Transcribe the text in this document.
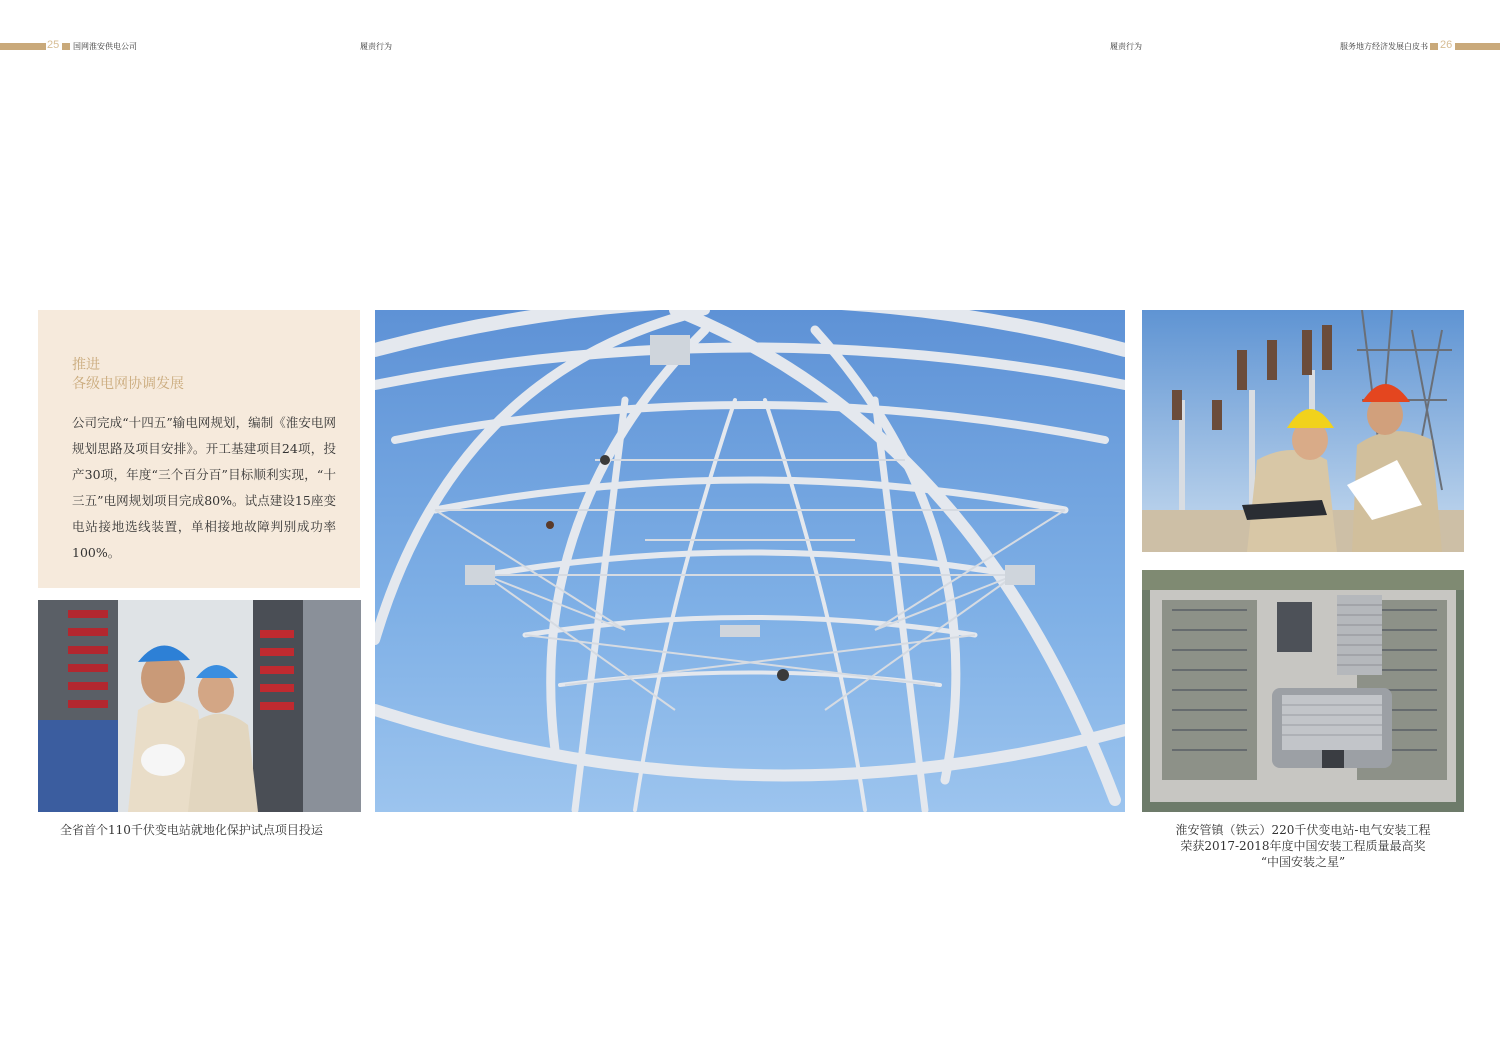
25 国网淮安供电公司	履责行为	履责行为	服务地方经济发展白皮书 26
推进
各级电网协调发展
公司完成“十四五”输电网规划，编制《淮安电网规划思路及项目安排》。开工基建项目24项，投产30项，年度“三个百分百”目标顺利实现，“十三五”电网规划项目完成80%。试点建设15座变电站接地选线装置，单相接地故障判别成功率100%。
全省首个110千伏变电站就地化保护试点项目投运	淮安管镇（铁云）220千伏变电站-电气安装工程
荣获2017-2018年度中国安装工程质量最高奖
“中国安装之星”
